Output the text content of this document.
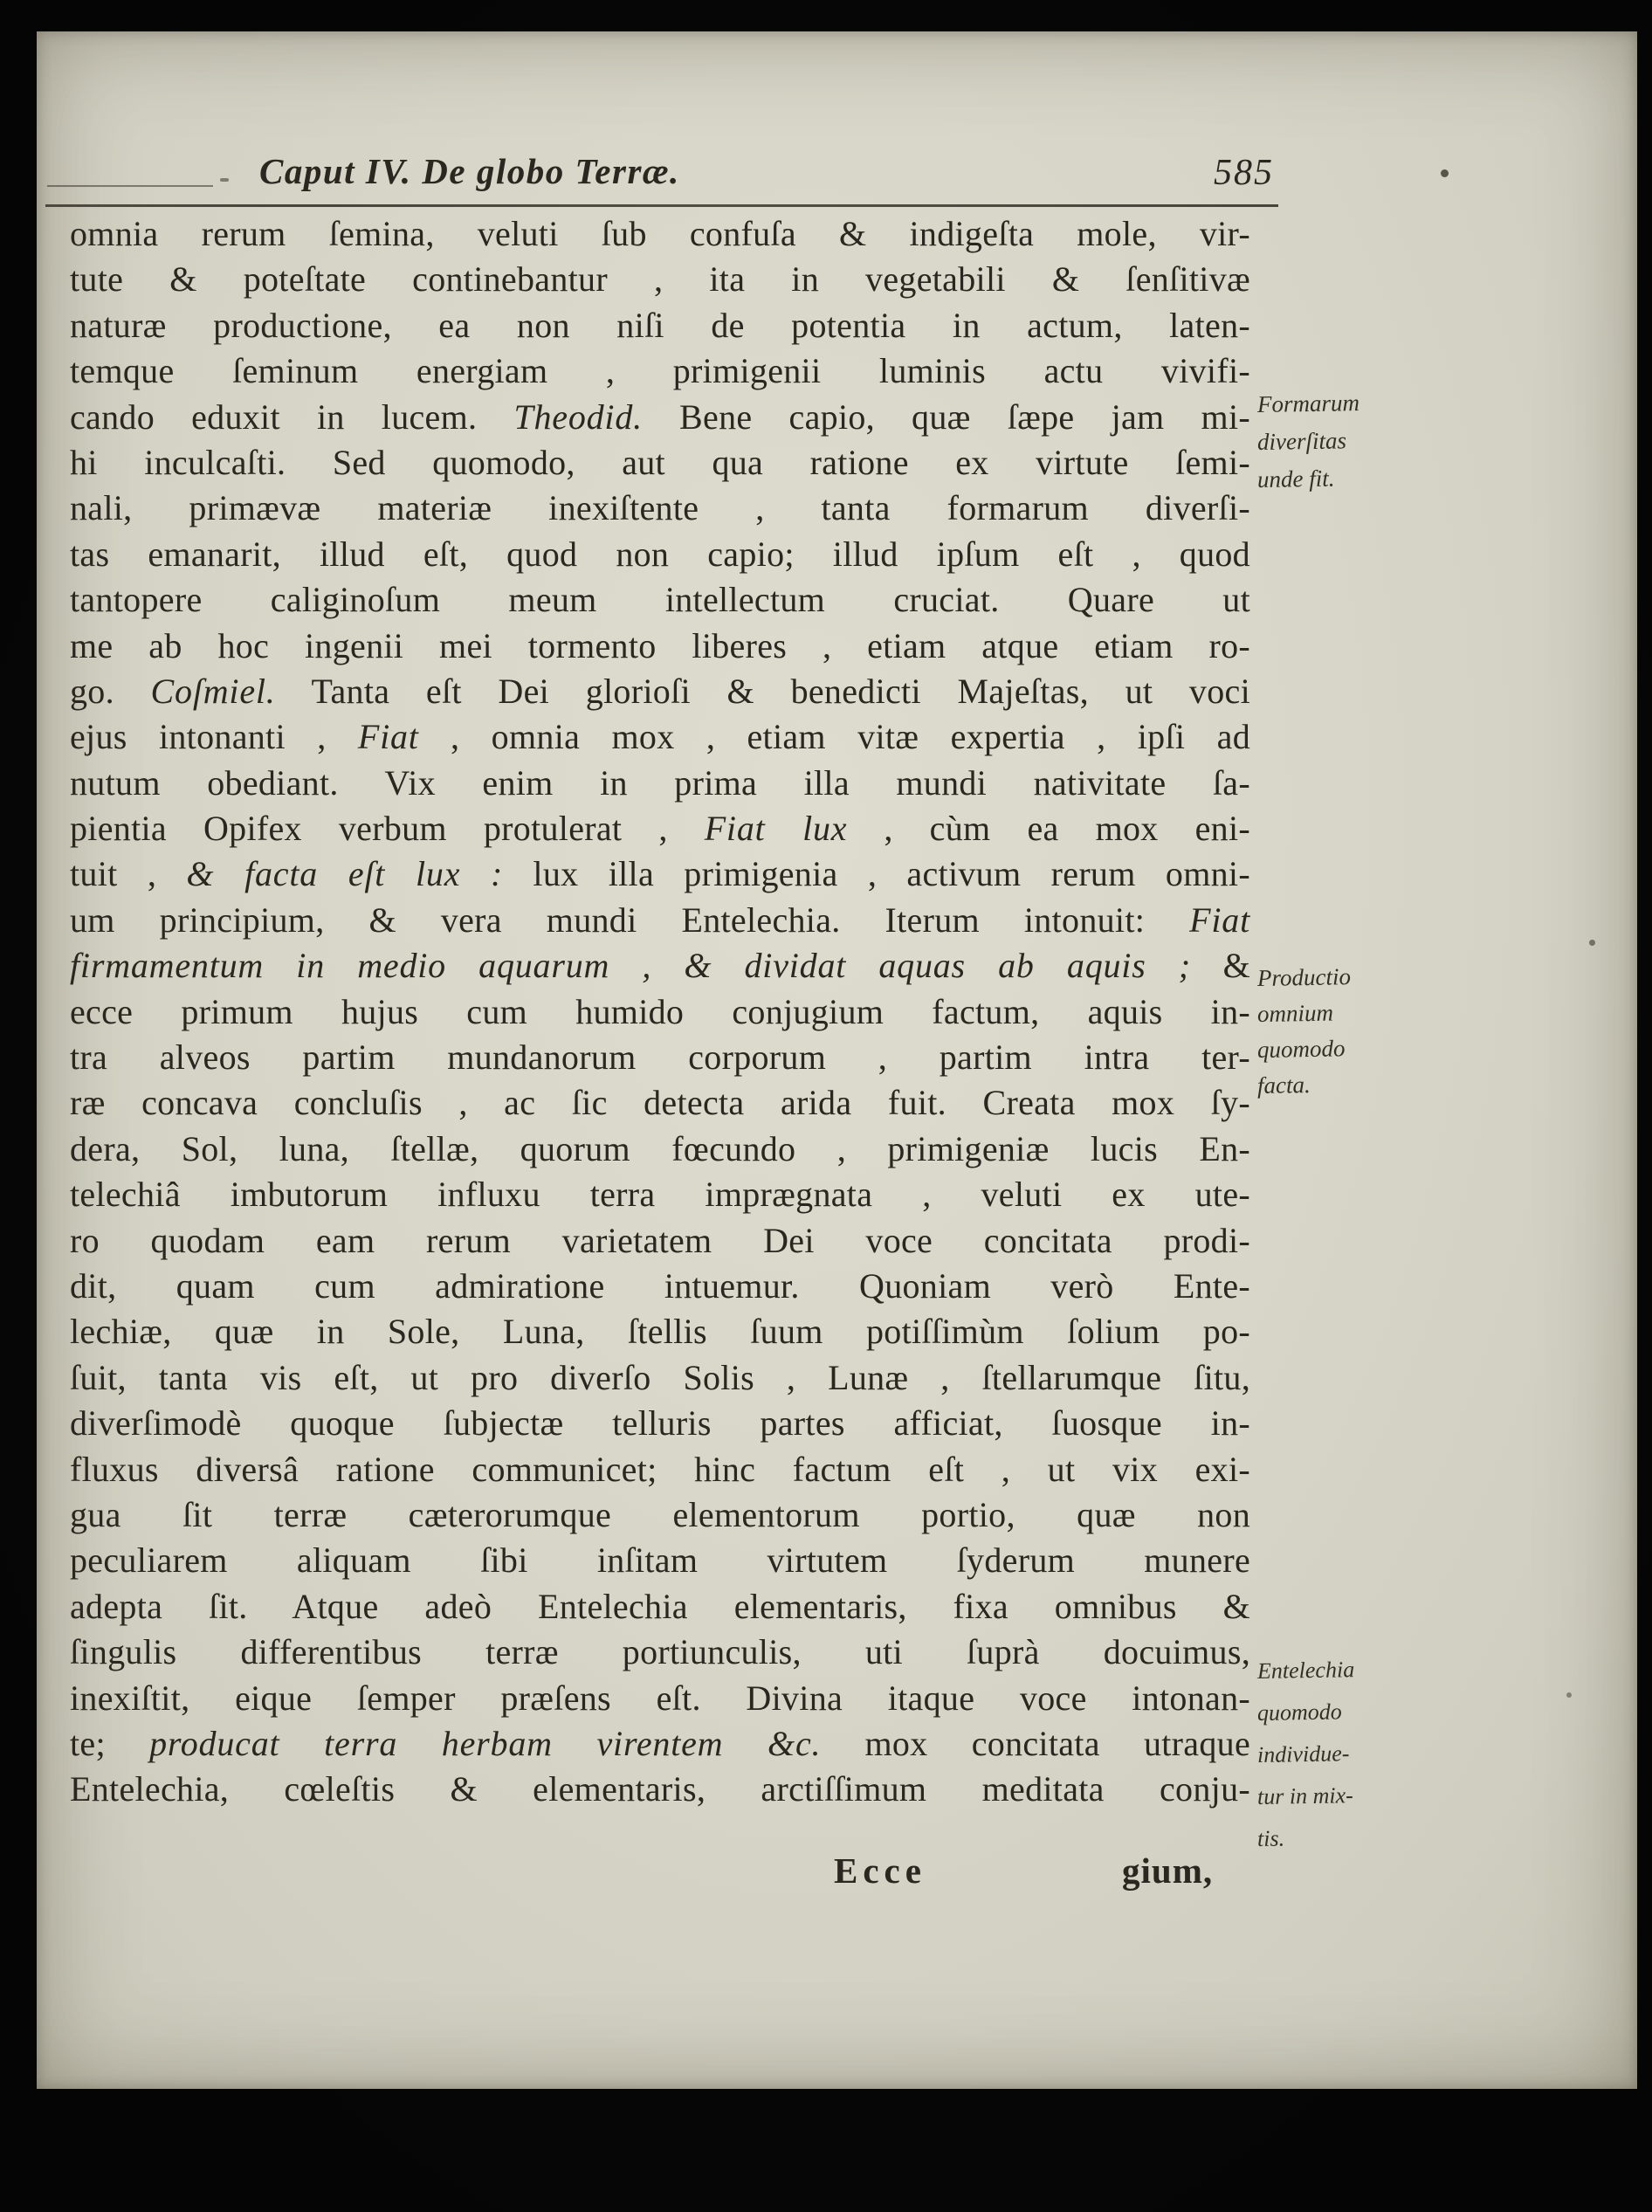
Caput IV. De globo Terræ.	585
omnia rerum ſemina, veluti ſub confuſa & indigeſta mole, vir-
tute & poteſtate continebantur , ita in vegetabili & ſenſitivæ
naturæ productione, ea non niſi de potentia in actum, laten-
temque ſeminum energiam , primigenii luminis actu vivifi-
cando eduxit in lucem. Theodid. Bene capio, quæ ſæpe jam mi-
hi inculcaſti. Sed quomodo, aut qua ratione ex virtute ſemi-
nali, primævæ materiæ inexiſtente , tanta formarum diverſi-
tas emanarit, illud eſt, quod non capio; illud ipſum eſt , quod
tantopere caliginoſum meum intellectum cruciat. Quare ut
me ab hoc ingenii mei tormento liberes , etiam atque etiam ro-
go. Coſmiel. Tanta eſt Dei glorioſi & benedicti Majeſtas, ut voci
ejus intonanti , Fiat , omnia mox , etiam vitæ expertia , ipſi ad
nutum obediant. Vix enim in prima illa mundi nativitate ſa-
pientia Opifex verbum protulerat , Fiat lux , cùm ea mox eni-
tuit , & facta eſt lux : lux illa primigenia , activum rerum omni-
um principium, & vera mundi Entelechia. Iterum intonuit: Fiat
firmamentum in medio aquarum , & dividat aquas ab aquis ; &
ecce primum hujus cum humido conjugium factum, aquis in-
tra alveos partim mundanorum corporum , partim intra ter-
ræ concava concluſis , ac ſic detecta arida fuit. Creata mox ſy-
dera, Sol, luna, ſtellæ, quorum fœcundo , primigeniæ lucis En-
telechiâ imbutorum influxu terra imprægnata , veluti ex ute-
ro quodam eam rerum varietatem Dei voce concitata prodi-
dit, quam cum admiratione intuemur. Quoniam verò Ente-
lechiæ, quæ in Sole, Luna, ſtellis ſuum potiſſimùm ſolium po-
ſuit, tanta vis eſt, ut pro diverſo Solis , Lunæ , ſtellarumque ſitu,
diverſimodè quoque ſubjectæ telluris partes afficiat, ſuosque in-
fluxus diversâ ratione communicet; hinc factum eſt , ut vix exi-
gua ſit terræ cæterorumque elementorum portio, quæ non
peculiarem aliquam ſibi inſitam virtutem ſyderum munere
adepta ſit. Atque adeò Entelechia elementaris, fixa omnibus &
ſingulis differentibus terræ portiunculis, uti ſuprà docuimus,
inexiſtit, eique ſemper præſens eſt. Divina itaque voce intonan-
te; producat terra herbam virentem &c. mox concitata utraque
Entelechia, cœleſtis & elementaris, arctiſſimum meditata conju-
Formarum
diverſitas
unde fit.
Productio
omnium
quomodo
facta.
Entelechia
quomodo
individue-
tur in mix-
tis.
Ecce	gium,
